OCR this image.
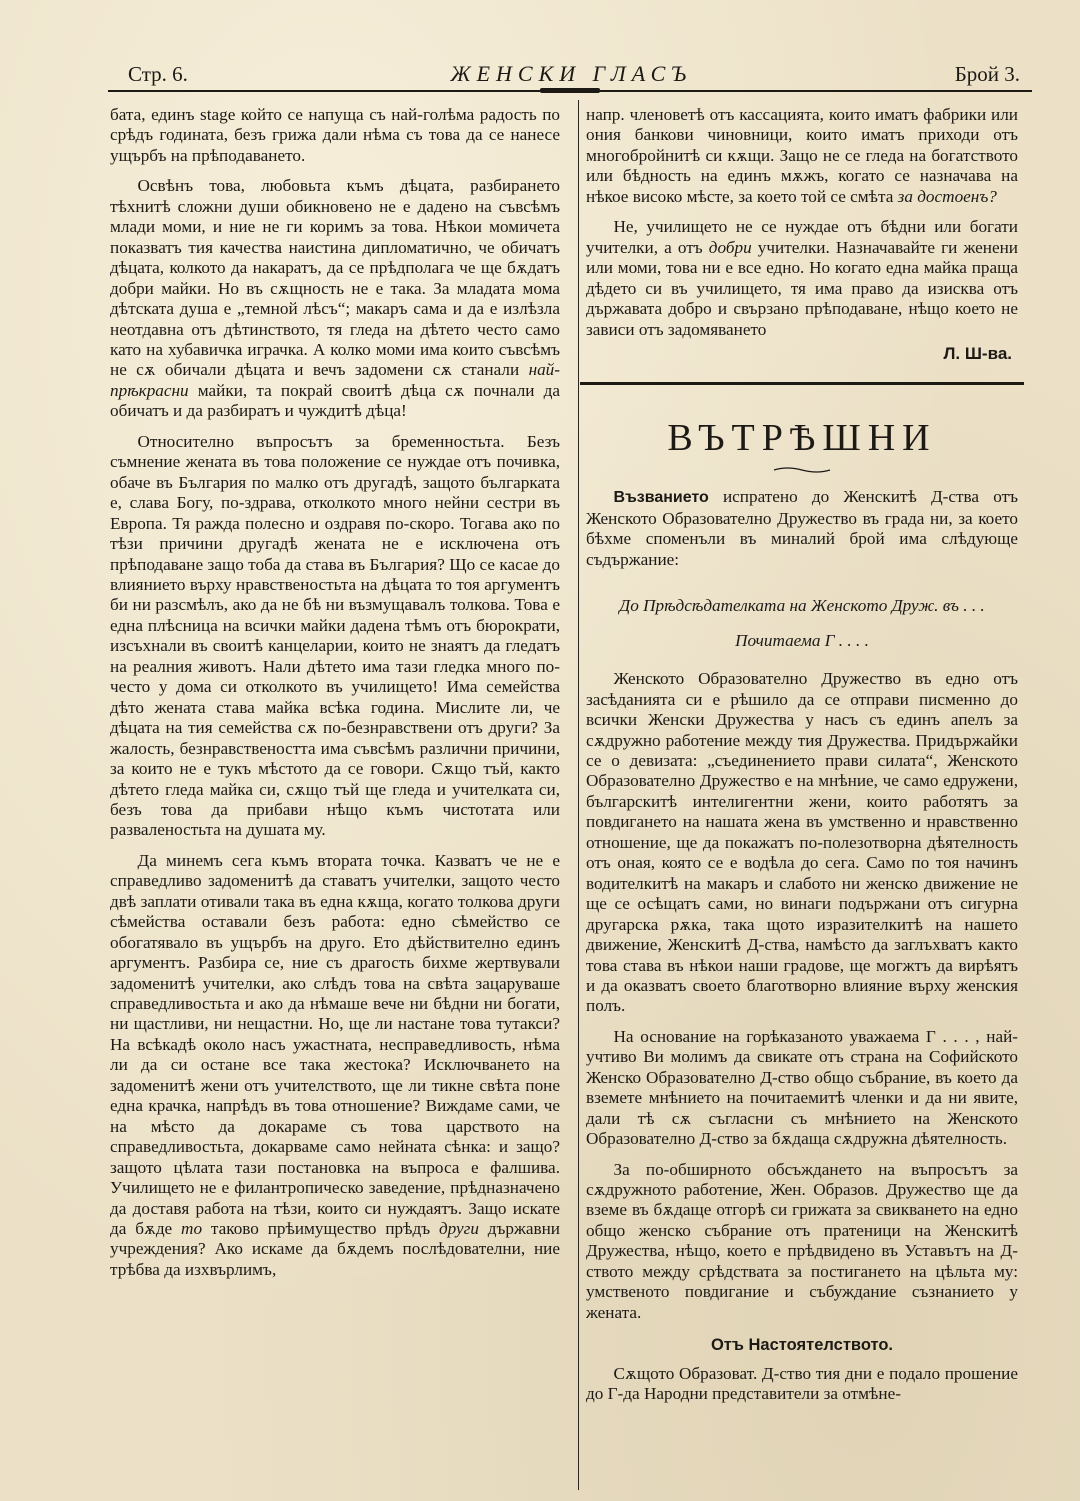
Стр. 6.	ЖЕНСКИ ГЛАСЪ	Брой 3.

бата, единъ stage който се напуща съ най-голѣма радость по срѣдъ годината, безъ грижа дали нѣма съ това да се нанесе ущърбъ на прѣподаването.

Освѣнъ това, любовьта къмъ дѣцата, разбирането тѣхнитѣ сложни души обикновено не е дадено на съвсѣмъ млади моми, и ние не ги коримъ за това. Нѣкои момичета показватъ тия качества наистина дипломатично, че обичатъ дѣцата, колкото да накаратъ, да се прѣдполага че ще бѫдатъ добри майки. Но въ сѫщность не е така. За младата мома дѣтската душа е „темной лѣсъ“; макаръ сама и да е излѣзла неотдавна отъ дѣтинството, тя гледа на дѣтето често само като на хубавичка играчка. А колко моми има които съвсѣмъ не сѫ обичали дѣцата и вечъ задомени сѫ станали най-прѣкрасни майки, та покрай своитѣ дѣца сѫ почнали да обичатъ и да разбиратъ и чуждитѣ дѣца!

Относително въпросътъ за бременностьта. Безъ съмнение жената въ това положение се нуждае отъ почивка, обаче въ България по малко отъ другадѣ, защото българката е, слава Богу, по-здрава, отколкото много нейни сестри въ Европа. Тя ражда полесно и оздравя по-скоро. Тогава ако по тѣзи причини другадѣ жената не е исключена отъ прѣподаване защо тоба да става въ България? Що се касае до влиянието върху нравственостьта на дѣцата то тоя аргументъ би ни разсмѣлъ, ако да не бѣ ни възмущавалъ толкова. Това е една плѣсница на всички майки дадена тѣмъ отъ бюрократи, изсъхнали въ своитѣ канцеларии, които не знаятъ да гледатъ на реалния животъ. Нали дѣтето има тази гледка много по-често у дома си отколкото въ училището! Има семейства дѣто жената става майка всѣка година. Мислите ли, че дѣцата на тия семейства сѫ по-безнравствени отъ други? За жалость, безнравствеността има съвсѣмъ различни причини, за които не е тукъ мѣстото да се говори. Сѫщо тъй, както дѣтето гледа майка си, сѫщо тъй ще гледа и учителката си, безъ това да прибави нѣщо къмъ чистотата или разваленостьта на душата му.

Да минемъ сега къмъ втората точка. Казватъ че не е справедливо задоменитѣ да ставатъ учителки, защото често двѣ заплати отивали така въ една кѫща, когато толкова други сѣмейства оставали безъ работа: едно сѣмейство се обогатявало въ ущърбъ на друго. Ето дѣйствително единъ аргументъ. Разбира се, ние съ драгость бихме жертвували задоменитѣ учителки, ако слѣдъ това на свѣта зацаруваше справедливостьта и ако да нѣмаше вече ни бѣдни ни богати, ни щастливи, ни нещастни. Но, ще ли настане това тутакси? На всѣкадѣ около насъ ужастната, несправедливость, нѣма ли да си остане все така жестока? Исключването на задоменитѣ жени отъ учителството, ще ли тикне свѣта поне една крачка, напрѣдъ въ това отношение? Виждаме сами, че на мѣсто да докараме съ това царството на справедливостьта, докарваме само нейната сѣнка: и защо? защото цѣлата тази постановка на въпроса е фалшива. Училището не е филантропическо заведение, прѣдназначено да доставя работа на тѣзи, които си нуждаятъ. Защо искате да бѫде то таково прѣимущество прѣдъ други държавни учреждения? Ако искаме да бѫдемъ послѣдователни, ние трѣбва да изхвърлимъ,

напр. членоветѣ отъ кассацията, които иматъ фабрики или ония банкови чиновници, които иматъ приходи отъ многобройнитѣ си кѫщи. Защо не се гледа на богатството или бѣдность на единъ мѫжъ, когато се назначава на нѣкое високо мѣсте, за което той се смѣта за достоенъ?

Не, училището не се нуждае отъ бѣдни или богати учителки, а отъ добри учителки. Назначавайте ги женени или моми, това ни е все едно. Но когато една майка праща дѣдето си въ училището, тя има право да изисква отъ държавата добро и свързано прѣподаване, нѣщо което не зависи отъ задомяването

Л. Ш-ва.
ВЪТРѢШНИ

Възванието испратено до Женскитѣ Д-ства отъ Женското Образователно Дружество въ града ни, за което бѣхме споменъли въ миналий брой има слѣдующе съдържание:

До Прѣдсѣдателката на Женското Друж. въ . . .
Почитаема Г . . . .

Женското Образователно Дружество въ едно отъ засѣданията си е рѣшило да се отправи писменно до всички Женски Дружества у насъ съ единъ апелъ за сѫдружно работение между тия Дружества. Придържайки се о девизата: „съединението прави силата“, Женското Образователно Дружество е на мнѣние, че само едружени, българскитѣ интелигентни жени, които работятъ за повдигането на нашата жена въ умственно и нравственно отношение, ще да покажатъ по-полезотворна дѣятелность отъ оная, която се е водѣла до сега. Само по тоя начинъ водителкитѣ на макаръ и слабото ни женско движение не ще се осѣщатъ сами, но винаги подържани отъ сигурна другарска рѫка, така щото изразителкитѣ на нашето движение, Женскитѣ Д-ства, намѣсто да заглъхватъ както това става въ нѣкои наши градове, ще могжтъ да вирѣятъ и да оказватъ своето благотворно влияние върху женския полъ.

На основание на горѣказаното уважаема Г . . . , най-учтиво Ви молимъ да свикате отъ страна на Софийското Женско Образователно Д-ство общо събрание, въ което да вземете мнѣнието на почитаемитѣ членки и да ни явите, дали тѣ сѫ съгласни съ мнѣнието на Женското Образователно Д-ство за бѫдаща сѫдружна дѣятелность.

За по-обширното обсъждането на въпросътъ за сѫдружното работение, Жен. Образов. Дружество ще да вземе въ бѫдаще отгорѣ си грижата за свикването на едно общо женско събрание отъ пратеници на Женскитѣ Дружества, нѣщо, което е прѣдвидено въ Уставътъ на Д-ството между срѣдствата за постигането на цѣльта му: умственото повдигание и събуждание съзнанието у жената.

Отъ Настоятелството.

Сѫщото Образоват. Д-ство тия дни е подало прошение до Г-да Народни представители за отмѣне-
